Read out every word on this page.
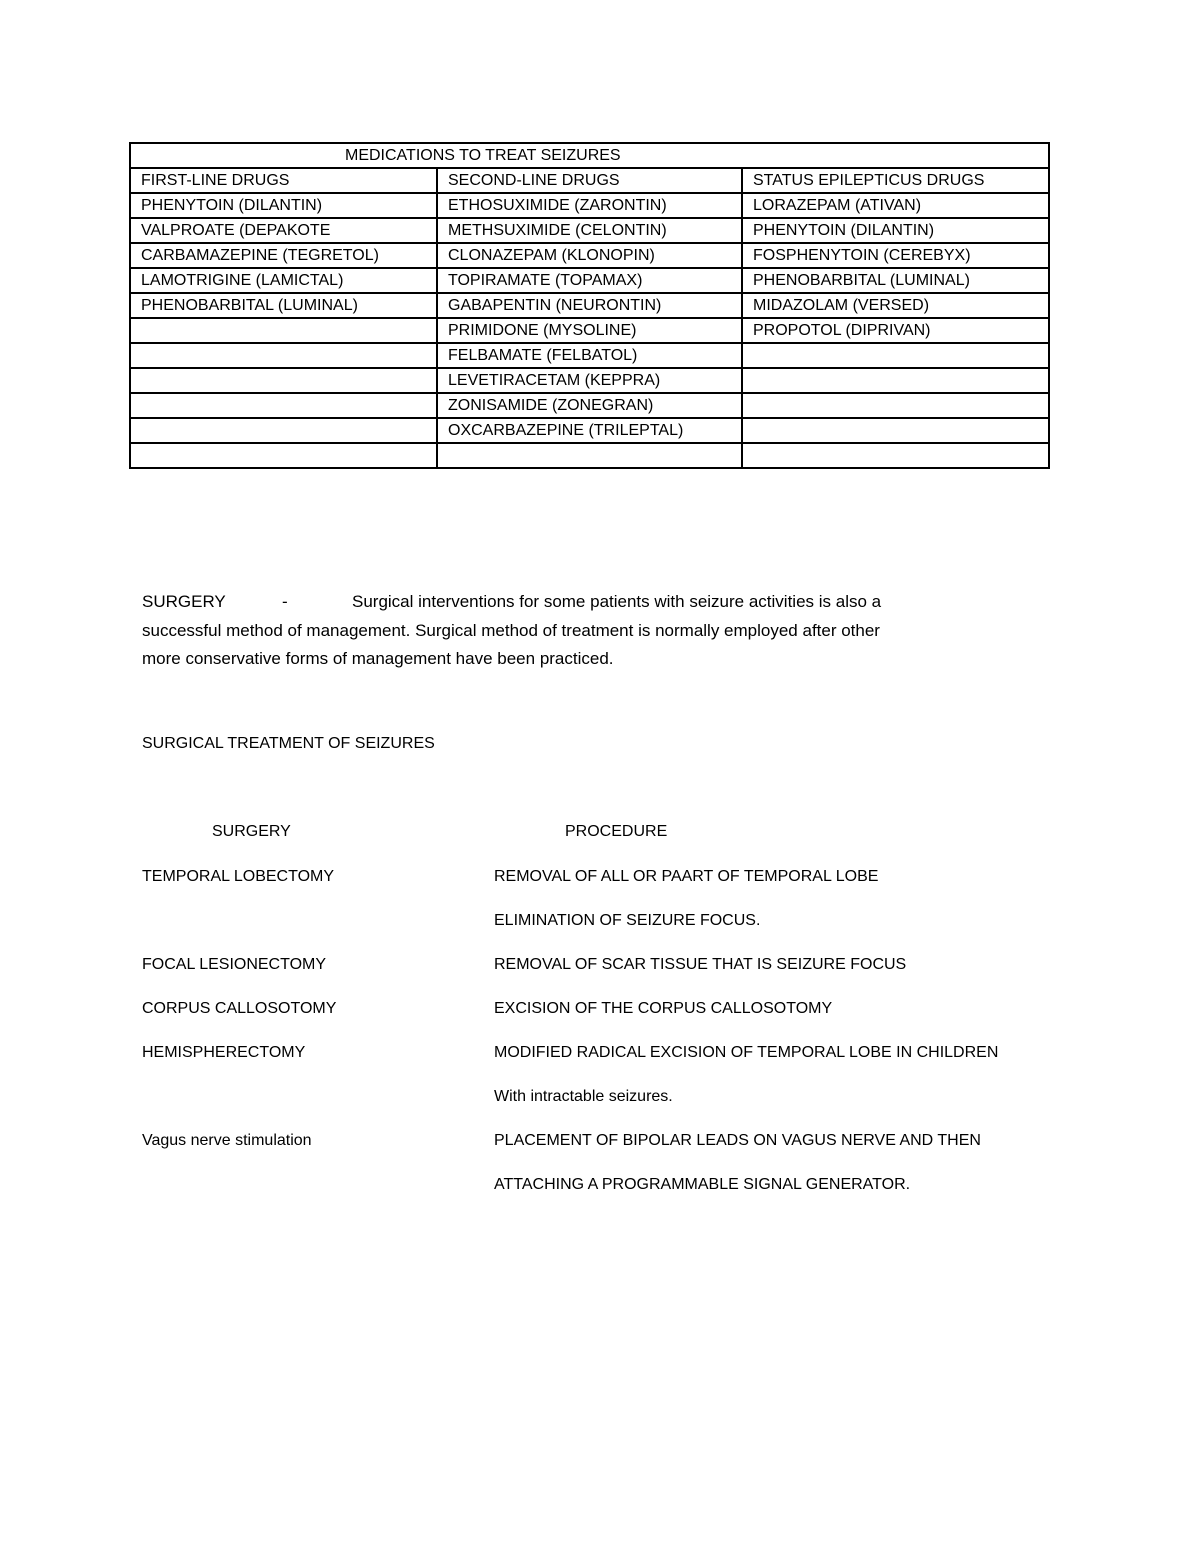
MEDICATIONS TO TREAT SEIZURES		
FIRST-LINE DRUGS	SECOND-LINE DRUGS	STATUS EPILEPTICUS DRUGS
PHENYTOIN (DILANTIN)	ETHOSUXIMIDE (ZARONTIN)	LORAZEPAM (ATIVAN)
VALPROATE (DEPAKOTE	METHSUXIMIDE (CELONTIN)	PHENYTOIN (DILANTIN)
CARBAMAZEPINE (TEGRETOL)	CLONAZEPAM (KLONOPIN)	FOSPHENYTOIN (CEREBYX)
LAMOTRIGINE (LAMICTAL)	TOPIRAMATE (TOPAMAX)	PHENOBARBITAL (LUMINAL)
PHENOBARBITAL (LUMINAL)	GABAPENTIN (NEURONTIN)	MIDAZOLAM (VERSED)
	PRIMIDONE (MYSOLINE)	PROPOTOL (DIPRIVAN)
	FELBAMATE (FELBATOL)	
	LEVETIRACETAM (KEPPRA)	
	ZONISAMIDE (ZONEGRAN)	
	OXCARBAZEPINE (TRILEPTAL)	

SURGERY	-	Surgical interventions for some patients with seizure activities is also a
successful method of management. Surgical method of treatment is normally employed after other
more conservative forms of management have been practiced.
SURGICAL TREATMENT OF SEIZURES
SURGERY	PROCEDURE
TEMPORAL LOBECTOMY	REMOVAL OF ALL OR PAART OF TEMPORAL LOBE
ELIMINATION OF SEIZURE FOCUS.
FOCAL LESIONECTOMY	REMOVAL OF SCAR TISSUE THAT IS SEIZURE FOCUS
CORPUS CALLOSOTOMY	EXCISION OF THE CORPUS CALLOSOTOMY
HEMISPHERECTOMY	MODIFIED RADICAL EXCISION OF TEMPORAL LOBE IN CHILDREN
With intractable seizures.
Vagus nerve stimulation	PLACEMENT OF BIPOLAR LEADS ON VAGUS NERVE AND THEN
ATTACHING A PROGRAMMABLE SIGNAL GENERATOR.
